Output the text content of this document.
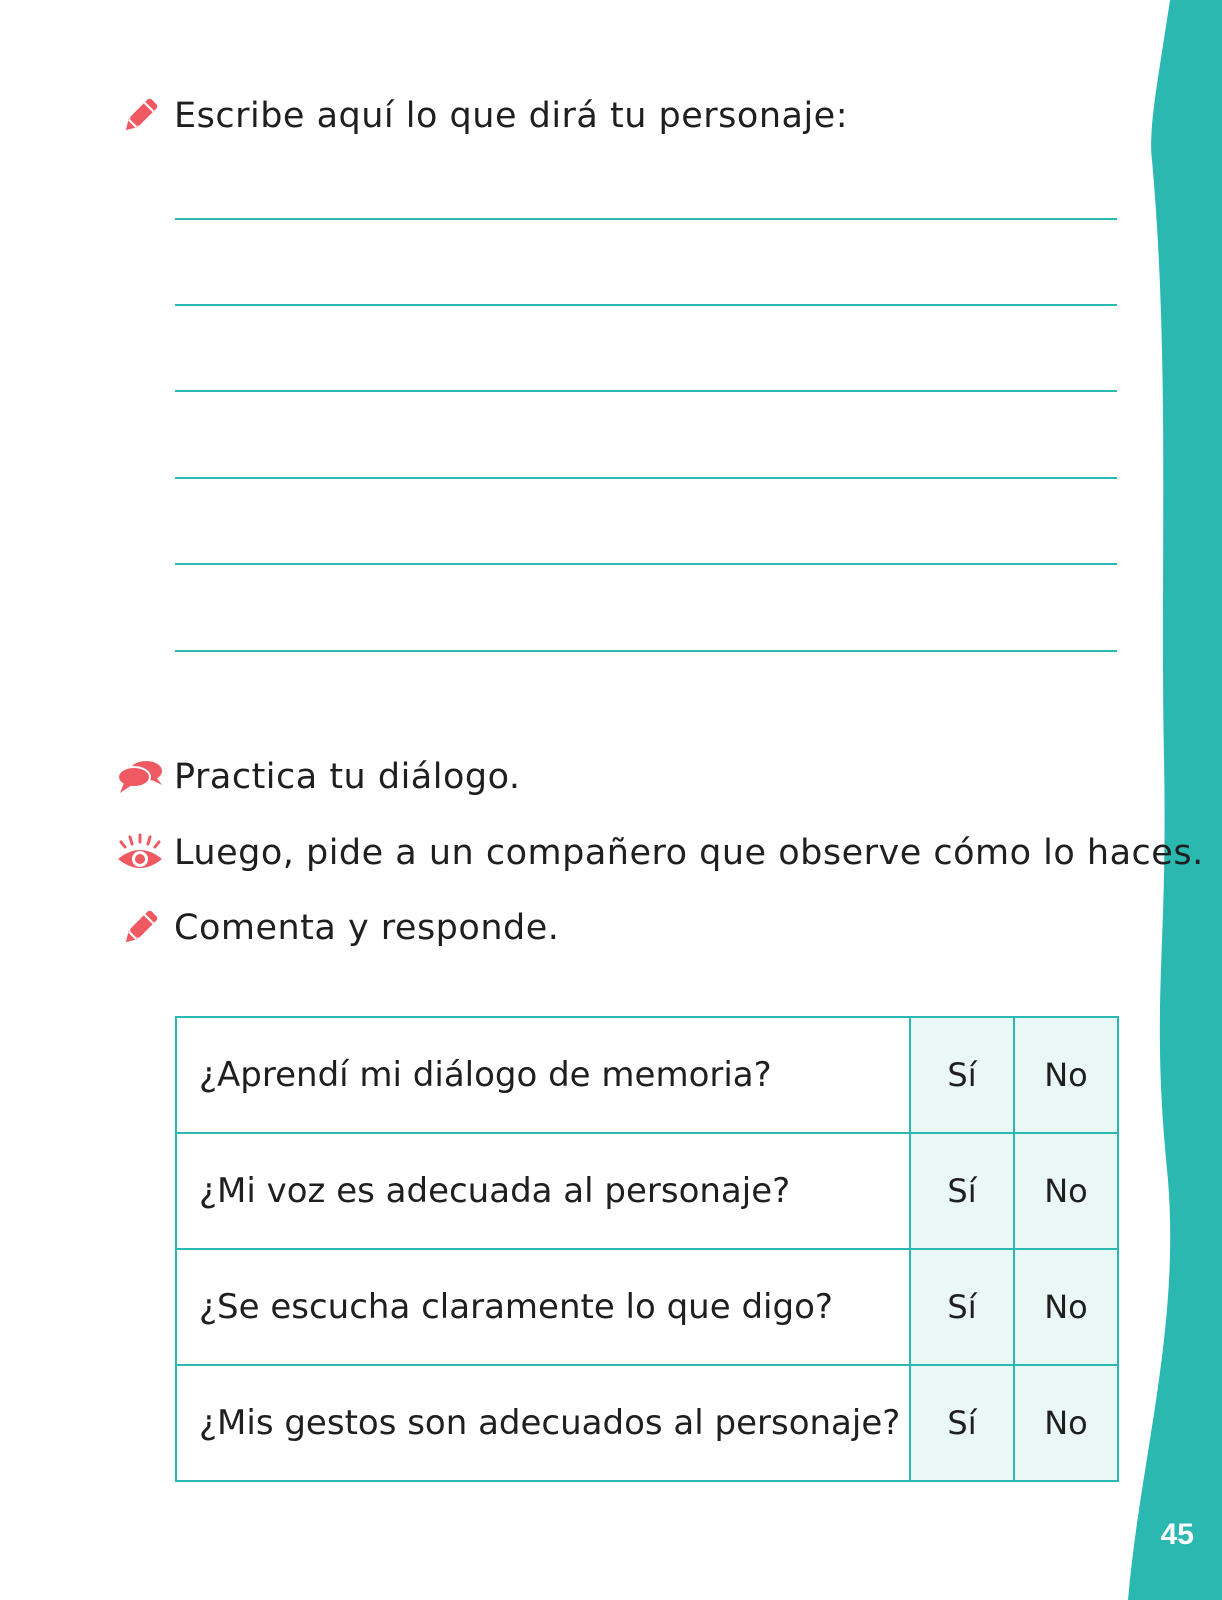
45
Escribe aquí lo que dirá tu personaje:
Practica tu diálogo.
Luego, pide a un compañero que observe cómo lo haces.
Comenta y responde.
¿Aprendí mi diálogo de memoria?	Sí	No
¿Mi voz es adecuada al personaje?	Sí	No
¿Se escucha claramente lo que digo?	Sí	No
¿Mis gestos son adecuados al personaje?	Sí	No
